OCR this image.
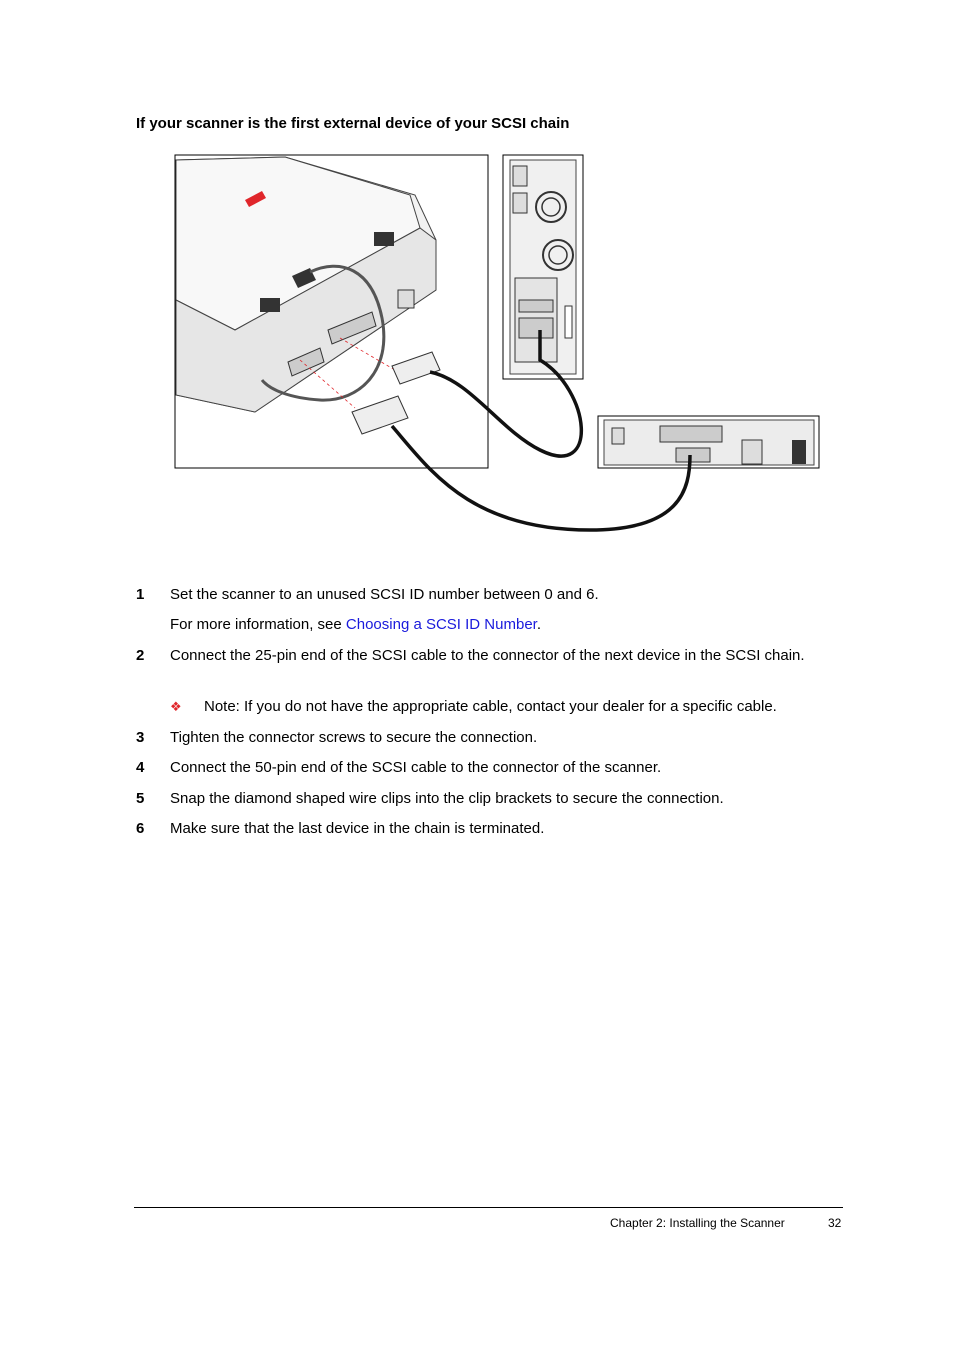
If your scanner is the first external device of your SCSI chain
1 Set the scanner to an unused SCSI ID number between 0 and 6.
For more information, see Choosing a SCSI ID Number.
2 Connect the 25-pin end of the SCSI cable to the connector of the next device in the SCSI chain.
❖ Note: If you do not have the appropriate cable, contact your dealer for a specific cable.
3 Tighten the connector screws to secure the connection.
4 Connect the 50-pin end of the SCSI cable to the connector of the scanner.
5 Snap the diamond shaped wire clips into the clip brackets to secure the connection.
6 Make sure that the last device in the chain is terminated.
Chapter 2: Installing the Scanner	32
